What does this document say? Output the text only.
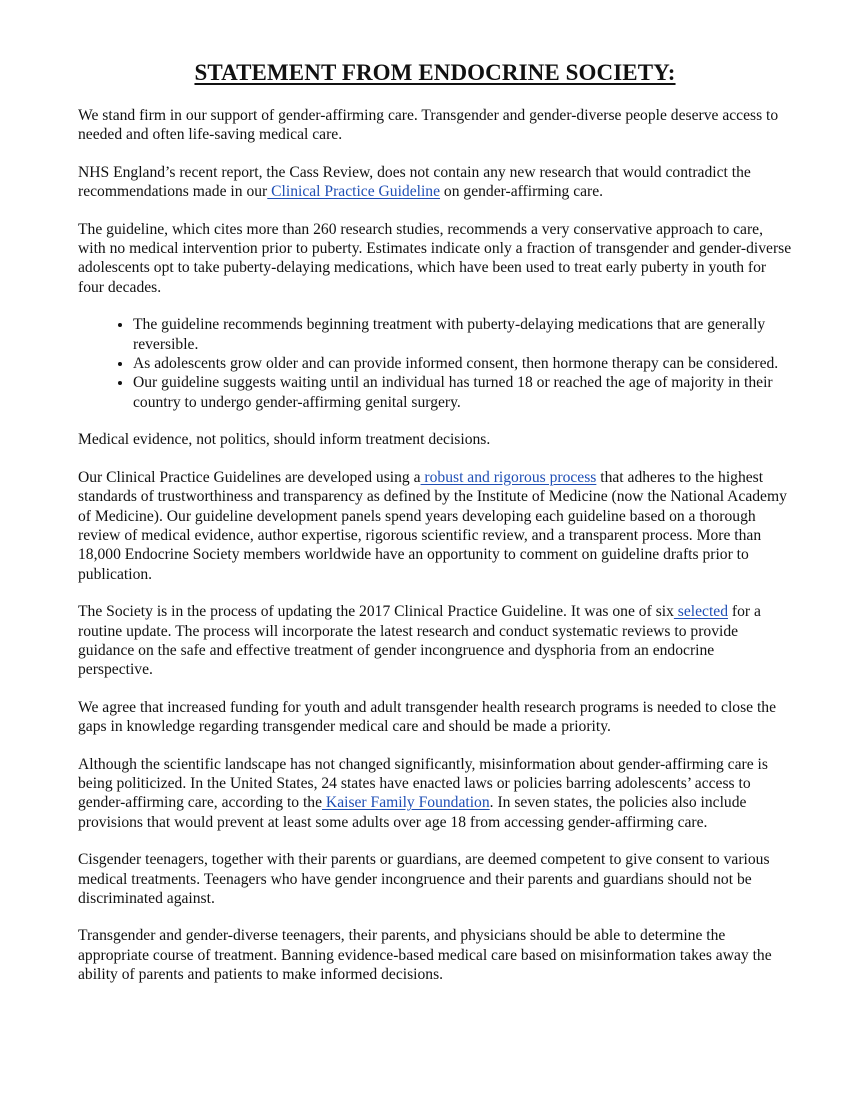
STATEMENT FROM ENDOCRINE SOCIETY:

We stand firm in our support of gender-affirming care. Transgender and gender-diverse people deserve access to needed and often life-saving medical care.

NHS England’s recent report, the Cass Review, does not contain any new research that would contradict the recommendations made in our Clinical Practice Guideline on gender-affirming care.

The guideline, which cites more than 260 research studies, recommends a very conservative approach to care, with no medical intervention prior to puberty. Estimates indicate only a fraction of transgender and gender-diverse adolescents opt to take puberty-delaying medications, which have been used to treat early puberty in youth for four decades.

• The guideline recommends beginning treatment with puberty-delaying medications that are generally reversible.
• As adolescents grow older and can provide informed consent, then hormone therapy can be considered.
• Our guideline suggests waiting until an individual has turned 18 or reached the age of majority in their country to undergo gender-affirming genital surgery.

Medical evidence, not politics, should inform treatment decisions.

Our Clinical Practice Guidelines are developed using a robust and rigorous process that adheres to the highest standards of trustworthiness and transparency as defined by the Institute of Medicine (now the National Academy of Medicine). Our guideline development panels spend years developing each guideline based on a thorough review of medical evidence, author expertise, rigorous scientific review, and a transparent process. More than 18,000 Endocrine Society members worldwide have an opportunity to comment on guideline drafts prior to publication.

The Society is in the process of updating the 2017 Clinical Practice Guideline. It was one of six selected for a routine update. The process will incorporate the latest research and conduct systematic reviews to provide guidance on the safe and effective treatment of gender incongruence and dysphoria from an endocrine perspective.

We agree that increased funding for youth and adult transgender health research programs is needed to close the gaps in knowledge regarding transgender medical care and should be made a priority.

Although the scientific landscape has not changed significantly, misinformation about gender-affirming care is being politicized. In the United States, 24 states have enacted laws or policies barring adolescents’ access to gender-affirming care, according to the Kaiser Family Foundation. In seven states, the policies also include provisions that would prevent at least some adults over age 18 from accessing gender-affirming care.

Cisgender teenagers, together with their parents or guardians, are deemed competent to give consent to various medical treatments. Teenagers who have gender incongruence and their parents and guardians should not be discriminated against.

Transgender and gender-diverse teenagers, their parents, and physicians should be able to determine the appropriate course of treatment. Banning evidence-based medical care based on misinformation takes away the ability of parents and patients to make informed decisions.
